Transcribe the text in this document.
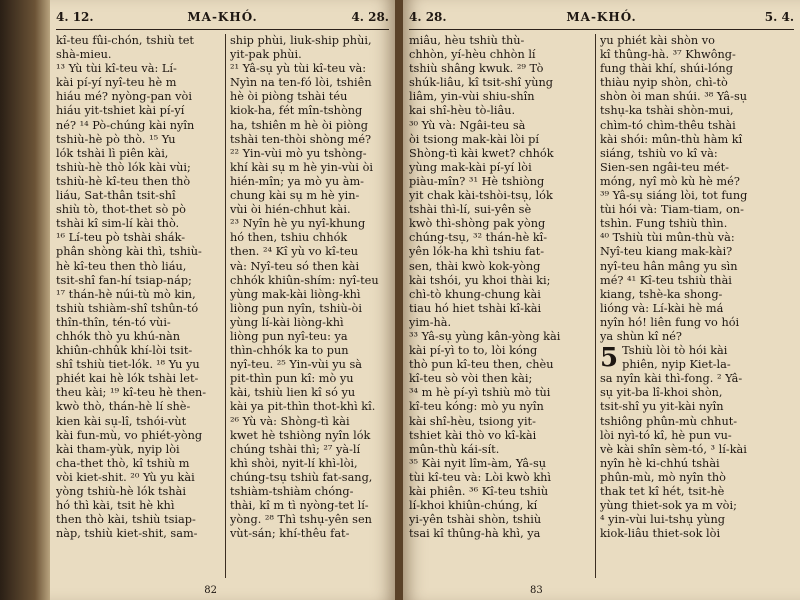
4. 12.	MA-KHÓ.	4. 28.
kî-teu fûi-chón, tshiù tet
shà-mieu.
¹³ Yù tùi kî-teu và: Lí-
kài pí-yí nyî-teu hè m
hiáu mé? nyòng-pan vòi
hiáu yit-tshiet kài pí-yí
né? ¹⁴ Pò-chúng kài nyîn
tshiù-hè pò thò. ¹⁵ Yu
lók tshài lì piên kài,
tshiù-hè thò lók kài vùi;
tshiù-hè kî-teu then thò
liáu, Sat-thân tsit-shî
shiù tò, thot-thet sò pò
tshài kî sim-lí kài thò.
¹⁶ Lí-teu pò tshài shák-
phân shòng kài thì, tshiù-
hè kî-teu then thò liáu,
tsit-shî fan-hí tsiap-náp;
¹⁷ thán-hè núi-tù mò kin,
tshiù tshiàm-shî tshûn-tó
thîn-thîn, tén-tó vùi-
chhók thò yu khú-nàn
khiûn-chhûk khí-lòi tsit-
shî tshiù tiet-lók. ¹⁸ Yu yu
phiét kai hè lók tshài let-
theu kài; ¹⁹ kî-teu hè then-
kwò thò, thán-hè lí shè-
kien kài sụ-lî, tshói-vùt
kài fun-mù, vo phiét-yòng
kài tham-yùk, nyip lòi
cha-thet thò, kî tshiù m
vòi kiet-shit. ²⁰ Yù yu kài
yòng tshiù-hè lók tshài
hó thì kài, tsit hè khì
then thò kài, tshiù tsiap-
nàp, tshiù kiet-shit, sam-
ship phùi, liuk-ship phùi,
yit-pak phùi.
²¹ Yâ-sụ yù tùi kî-teu và:
Nyìn na ten-fó lòi, tshiên
hè òi piòng tshài téu
kiok-ha, fét mîn-tshòng
ha, tshiên m hè òi piòng
tshài ten-thòi shòng mé?
²² Yin-vùi mò yu tshòng-
khí kài sụ m hè yin-vùi òi
hién-mîn; ya mò yu àm-
chung kài sụ m hè yin-
vùi òi hién-chhut kài.
²³ Nyîn hè yu nyî-khung
hó then, tshiu chhók
then. ²⁴ Kî yù vo kî-teu
và: Nyî-teu só then kài
chhók khiûn-shím: nyî-teu
yùng mak-kài liòng-khì
liòng pun nyîn, tshiù-òi
yùng lí-kài liòng-khì
liòng pun nyî-teu: ya
thìn-chhók ka to pun
nyî-teu. ²⁵ Yin-vùi yu sà
pit-thìn pun kî: mò yu
kài, tshiù lien kî só yu
kài ya pit-thìn thot-khì kî.
²⁶ Yù và: Shòng-tì kài
kwet hè tshiòng nyîn lók
chúng tshài thì; ²⁷ yà-lí
khì shòi, nyit-lí khì-lòi,
chúng-tsụ tshiù fat-sang,
tshiàm-tshiàm chóng-
thài, kî m tì nyòng-tet lí-
yòng. ²⁸ Thì tshụ-yên sen
vùt-sán; khí-thêu fat-
82
4. 28.	MA-KHÓ.	5. 4.
miâu, hèu tshiù thù-
chhòn, yí-hèu chhòn lí
tshiù shâng kwuk. ²⁹ Tò
shúk-liâu, kî tsit-shî yùng
liâm, yin-vùi shiu-shîn
kai shî-hèu tò-liâu.
³⁰ Yù và: Ngâi-teu sà
òi tsiong mak-kài lòi pí
Shòng-tì kài kwet? chhók
yùng mak-kài pí-yí lòi
piàu-mîn? ³¹ Hè tshiòng
yit chak kài-tshòi-tsụ, lók
tshài thì-lí, sui-yên sè
kwò thì-shòng pak yòng
chúng-tsụ, ³² thán-hè kî-
yên lók-ha khì tshiu fat-
sen, thài kwò kok-yòng
kài tshói, yu khoi thài ki;
chì-tò khung-chung kài
tiau hó hiet tshài kî-kài
yim-hà.
³³ Yâ-sụ yùng kân-yòng kài
kài pí-yì to to, lòi kóng
thò pun kî-teu then, chèu
kî-teu sò vòi then kài;
³⁴ m hè pí-yì tshiù mò tùi
kî-teu kóng: mò yu nyîn
kài shî-hèu, tsiong yit-
tshiet kài thò vo kî-kài
mûn-thù kái-sít.
³⁵ Kài nyit lîm-àm, Yâ-sụ
tùi kî-teu và: Lòi kwò khì
kài phiên. ³⁶ Kî-teu tshiù
lí-khoi khiûn-chúng, kí
yi-yên tshài shòn, tshiù
tsai kî thûng-hà khì, ya
yu phiét kài shòn vo
kî thûng-hà. ³⁷ Khwông-
fung thài khí, shúi-lóng
thiàu nyip shòn, chì-tò
shòn òi man shúi. ³⁸ Yâ-sụ
tshụ-ka tshài shòn-mui,
chìm-tó chìm-thêu tshài
kài shói: mûn-thù hàm kî
siáng, tshiù vo kî và:
Sien-sen ngâi-teu mét-
móng, nyî mò kù hè mé?
³⁹ Yâ-sụ siáng lòi, tot fung
tùi hói và: Tiam-tiam, on-
tshìn. Fung tshiù thìn.
⁴⁰ Tshiù tùi mûn-thù và:
Nyî-teu kiang mak-kài?
nyî-teu hân mâng yu sìn
mé? ⁴¹ Kî-teu tshiù thài
kiang, tshè-ka shong-
lióng và: Lí-kài hè má
nyîn hó! liên fung vo hói
ya shùn kî né?
5 Tshiù lòi tò hói kài
phiên, nyip Kiet-la-
sa nyîn kài thì-fong. ² Yâ-
sụ yit-ba lî-khoi shòn,
tsit-shî yu yit-kài nyîn
tshiông phûn-mù chhut-
lòi nyì-tó kî, hè pun vu-
vè kài shîn sèm-tó, ³ lí-kài
nyîn hè ki-chhú tshài
phûn-mù, mò nyîn thò
thak tet kî hét, tsit-hè
yùng thiet-sok ya m vòi;
⁴ yin-vùi lui-tshụ yùng
kiok-liâu thiet-sok lòi
83
